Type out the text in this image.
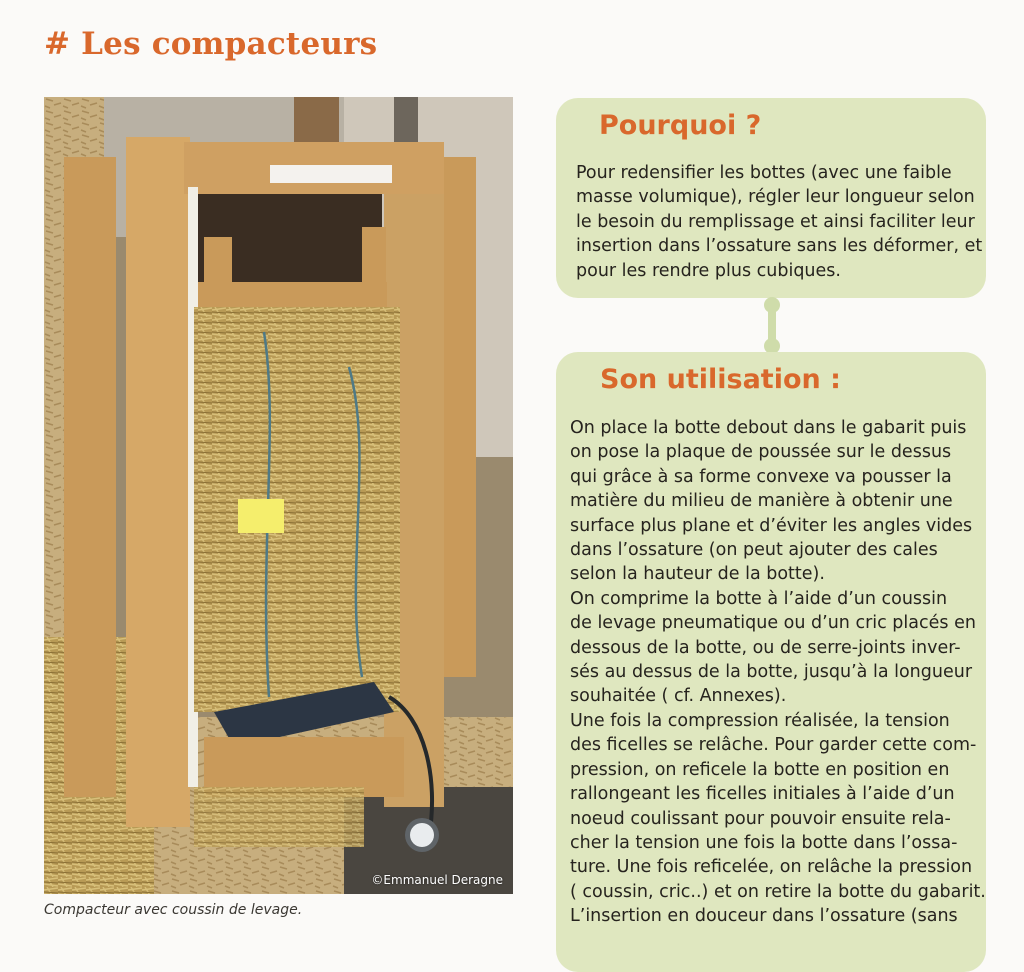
# Les compacteurs
©Emmanuel Deragne
Compacteur avec coussin de levage.
Pourquoi ?

Pour redensifier les bottes (avec une faible
masse volumique), régler leur longueur selon
le besoin du remplissage et ainsi faciliter leur
insertion dans l’ossature sans les déformer, et
pour les rendre plus cubiques.

Son utilisation :

On place la botte debout dans le gabarit puis
on pose la plaque de poussée sur le dessus
qui grâce à sa forme convexe va pousser la
matière du milieu de manière à obtenir une
surface plus plane et d’éviter les angles vides
dans l’ossature (on peut ajouter des cales
selon la hauteur de la botte).
On comprime la botte à l’aide d’un coussin
de levage pneumatique ou d’un cric placés en
dessous de la botte, ou de serre-joints inver-
sés au dessus de la botte, jusqu’à la longueur
souhaitée ( cf. Annexes).
Une fois la compression réalisée, la tension
des ficelles se relâche. Pour garder cette com-
pression, on reficele la botte en position en
rallongeant les ficelles initiales à l’aide d’un
noeud coulissant pour pouvoir ensuite rela-
cher la tension une fois la botte dans l’ossa-
ture. Une fois reficelée, on relâche la pression
( coussin, cric..) et on retire la botte du gabarit.
L’insertion en douceur dans l’ossature (sans
